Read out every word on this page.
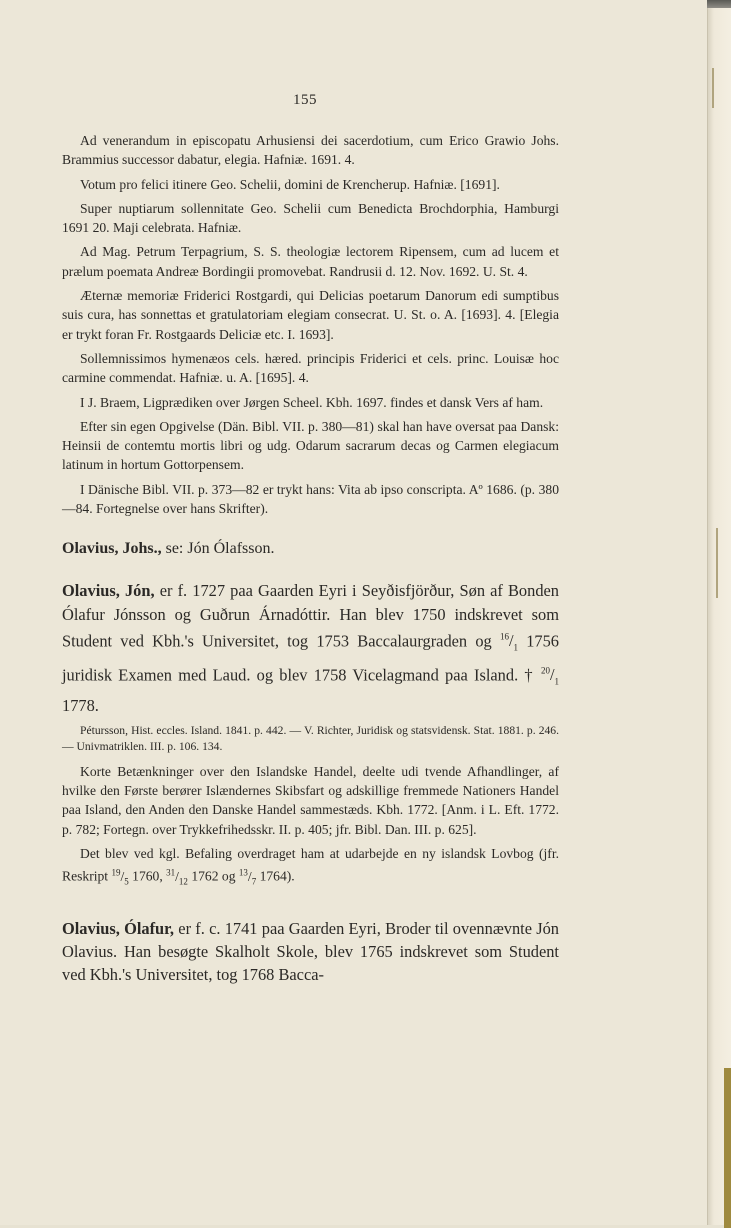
155

Ad venerandum in episcopatu Arhusiensi dei sacerdotium, cum Erico Grawio Johs. Brammius successor dabatur, elegia. Hafniæ. 1691. 4.

Votum pro felici itinere Geo. Schelii, domini de Krencherup. Hafniæ. [1691].

Super nuptiarum sollennitate Geo. Schelii cum Benedicta Brochdorphia, Hamburgi 1691 20. Maji celebrata. Hafniæ.

Ad Mag. Petrum Terpagrium, S. S. theologiæ lectorem Ripensem, cum ad lucem et prælum poemata Andreæ Bordingii promovebat. Randrusii d. 12. Nov. 1692. U. St. 4.

Æternæ memoriæ Friderici Rostgardi, qui Delicias poetarum Danorum edi sumptibus suis cura, has sonnettas et gratulatoriam elegiam consecrat. U. St. o. A. [1693]. 4. [Elegia er trykt foran Fr. Rostgaards Deliciæ etc. I. 1693].

Sollemnissimos hymenæos cels. hæred. principis Friderici et cels. princ. Louisæ hoc carmine commendat. Hafniæ. u. A. [1695]. 4.

I J. Braem, Ligprædiken over Jørgen Scheel. Kbh. 1697. findes et dansk Vers af ham.

Efter sin egen Opgivelse (Dän. Bibl. VII. p. 380—81) skal han have oversat paa Dansk: Heinsii de contemtu mortis libri og udg. Odarum sacrarum decas og Carmen elegiacum latinum in hortum Gottorpensem.

I Dänische Bibl. VII. p. 373—82 er trykt hans: Vita ab ipso conscripta. Aº 1686. (p. 380—84. Fortegnelse over hans Skrifter).

Olavius, Johs., se: Jón Ólafsson.

Olavius, Jón, er f. 1727 paa Gaarden Eyri i Seyðisfjörður, Søn af Bonden Ólafur Jónsson og Guðrun Árnadóttir. Han blev 1750 indskrevet som Student ved Kbh.'s Universitet, tog 1753 Baccalaurgraden og $^{16}/_1$ 1756 juridisk Examen med Laud. og blev 1758 Vicelagmand paa Island. † $^{20}/_1$ 1778.

Pétursson, Hist. eccles. Island. 1841. p. 442. — V. Richter, Juridisk og statsvidensk. Stat. 1881. p. 246. — Univmatriklen. III. p. 106. 134.

Korte Betænkninger over den Islandske Handel, deelte udi tvende Afhandlinger, af hvilke den Første berører Islændernes Skibsfart og adskillige fremmede Nationers Handel paa Island, den Anden den Danske Handel sammestæds. Kbh. 1772. [Anm. i L. Eft. 1772. p. 782; Fortegn. over Trykkefrihedsskr. II. p. 405; jfr. Bibl. Dan. III. p. 625].

Det blev ved kgl. Befaling overdraget ham at udarbejde en ny islandsk Lovbog (jfr. Reskript $^{19}/_5$ 1760, $^{31}/_{12}$ 1762 og $^{13}/_7$ 1764).

Olavius, Ólafur, er f. c. 1741 paa Gaarden Eyri, Broder til ovennævnte Jón Olavius. Han besøgte Skalholt Skole, blev 1765 indskrevet som Student ved Kbh.'s Universitet, tog 1768 Bacca-
